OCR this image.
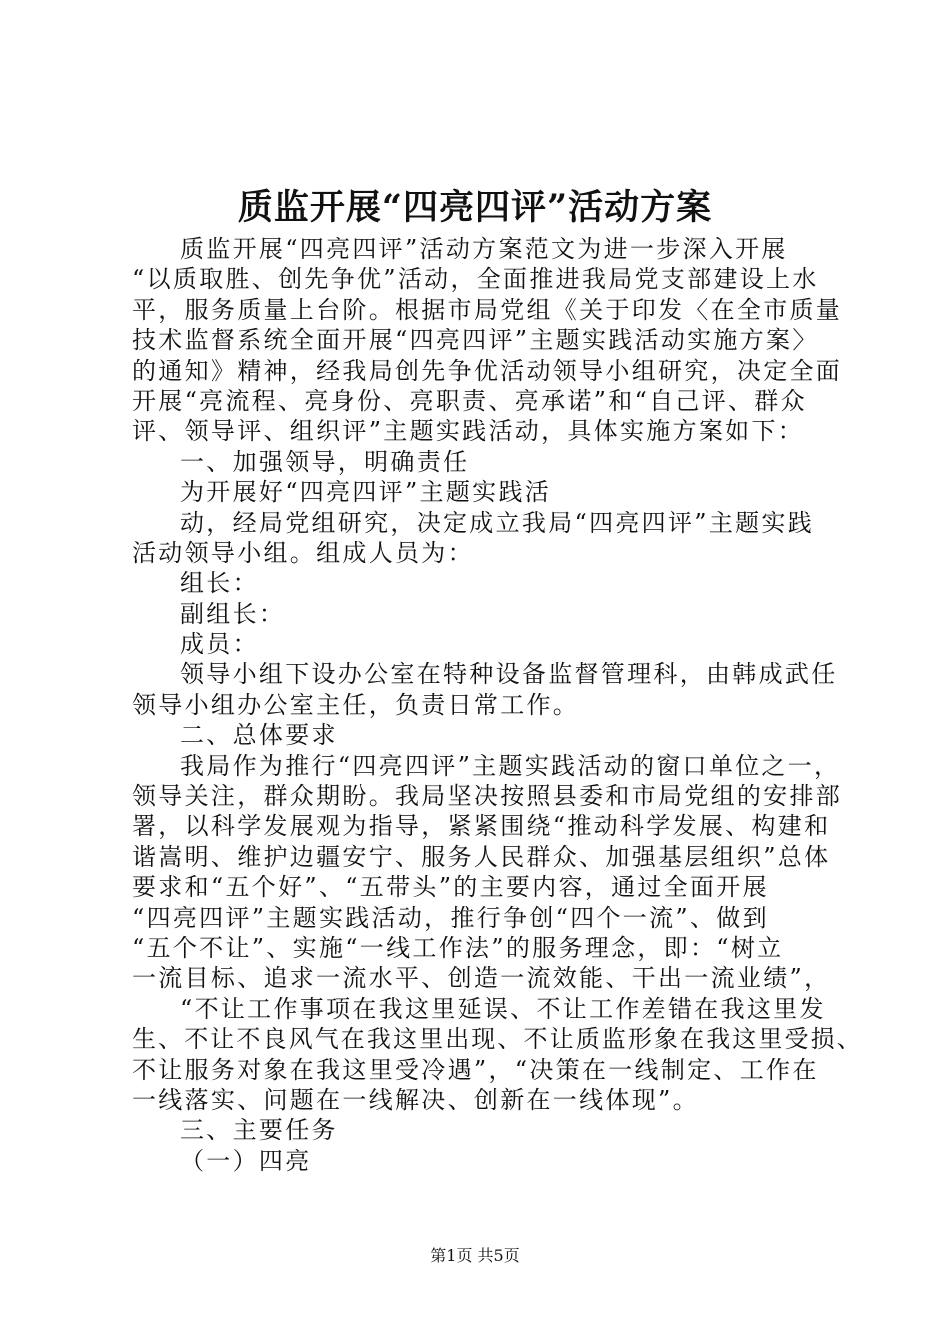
质监开展“四亮四评”活动方案
质监开展“四亮四评”活动方案范文为进一步深入开展
“以质取胜、创先争优”活动，全面推进我局党支部建设上水
平，服务质量上台阶。根据市局党组《关于印发〈在全市质量
技术监督系统全面开展“四亮四评”主题实践活动实施方案〉
的通知》精神，经我局创先争优活动领导小组研究，决定全面
开展“亮流程、亮身份、亮职责、亮承诺”和“自己评、群众
评、领导评、组织评”主题实践活动，具体实施方案如下：
一、加强领导，明确责任
为开展好“四亮四评”主题实践活
动，经局党组研究，决定成立我局“四亮四评”主题实践
活动领导小组。组成人员为：
组长：
副组长：
成员：
领导小组下设办公室在特种设备监督管理科，由韩成武任
领导小组办公室主任，负责日常工作。
二、总体要求
我局作为推行“四亮四评”主题实践活动的窗口单位之一，
领导关注，群众期盼。我局坚决按照县委和市局党组的安排部
署，以科学发展观为指导，紧紧围绕“推动科学发展、构建和
谐嵩明、维护边疆安宁、服务人民群众、加强基层组织”总体
要求和“五个好”、“五带头”的主要内容，通过全面开展
“四亮四评”主题实践活动，推行争创“四个一流”、做到
“五个不让”、实施“一线工作法”的服务理念，即：“树立
一流目标、追求一流水平、创造一流效能、干出一流业绩”，
“不让工作事项在我这里延误、不让工作差错在我这里发
生、不让不良风气在我这里出现、不让质监形象在我这里受损、
不让服务对象在我这里受冷遇”，“决策在一线制定、工作在
一线落实、问题在一线解决、创新在一线体现”。
三、主要任务
（一）四亮
第1页 共5页
